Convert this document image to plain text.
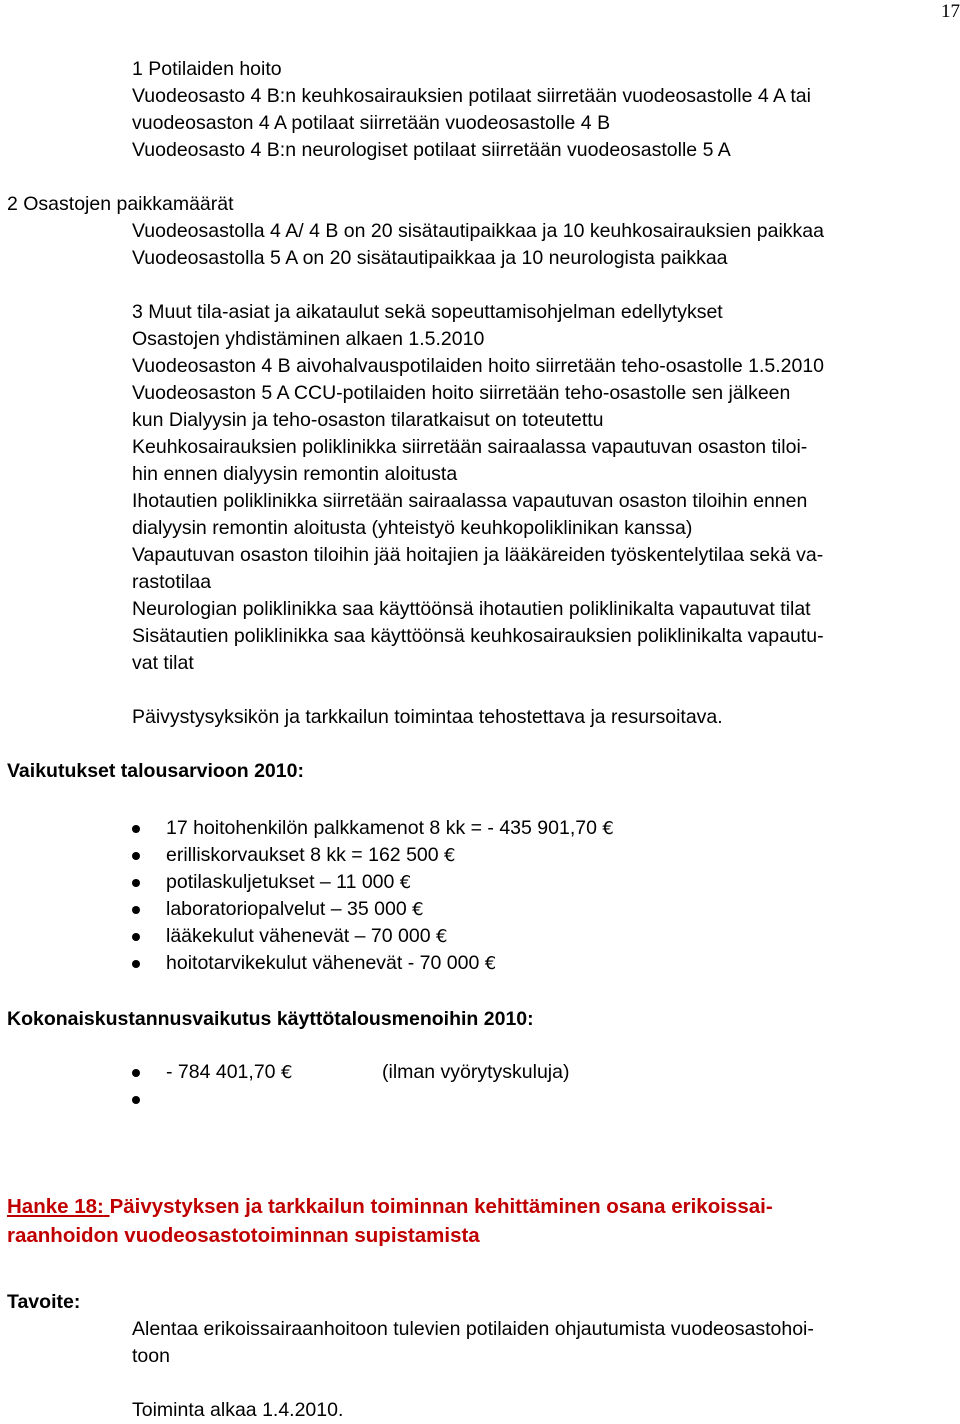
17
1 Potilaiden hoito
Vuodeosasto 4 B:n keuhkosairauksien potilaat siirretään vuodeosastolle 4 A tai
vuodeosaston 4 A potilaat siirretään vuodeosastolle 4 B
Vuodeosasto 4 B:n neurologiset potilaat siirretään vuodeosastolle 5 A
2 Osastojen paikkamäärät
Vuodeosastolla 4 A/ 4 B on 20 sisätautipaikkaa ja 10 keuhkosairauksien paikkaa
Vuodeosastolla 5 A on 20 sisätautipaikkaa ja 10 neurologista paikkaa
3 Muut tila-asiat ja aikataulut sekä sopeuttamisohjelman edellytykset
Osastojen yhdistäminen alkaen 1.5.2010
Vuodeosaston 4 B aivohalvauspotilaiden hoito siirretään teho-osastolle 1.5.2010
Vuodeosaston 5 A CCU-potilaiden hoito siirretään teho-osastolle sen jälkeen
kun Dialyysin ja teho-osaston tilaratkaisut on toteutettu
Keuhkosairauksien poliklinikka siirretään sairaalassa vapautuvan osaston tiloi-
hin ennen dialyysin remontin aloitusta
Ihotautien poliklinikka siirretään sairaalassa vapautuvan osaston tiloihin ennen
dialyysin remontin aloitusta (yhteistyö keuhkopoliklinikan kanssa)
Vapautuvan osaston tiloihin jää hoitajien ja lääkäreiden työskentelytilaa sekä va-
rastotilaa
Neurologian poliklinikka saa käyttöönsä ihotautien poliklinikalta vapautuvat tilat
Sisätautien poliklinikka saa käyttöönsä keuhkosairauksien poliklinikalta vapautu-
vat tilat
Päivystysyksikön ja tarkkailun toimintaa tehostettava ja resursoitava.
Vaikutukset talousarvioon 2010:
17 hoitohenkilön palkkamenot 8 kk = - 435 901,70 €
erilliskorvaukset 8 kk = 162 500 €
potilaskuljetukset – 11 000 €
laboratoriopalvelut – 35 000 €
lääkekulut vähenevät – 70 000 €
hoitotarvikekulut vähenevät - 70 000 €
Kokonaiskustannusvaikutus käyttötalousmenoihin 2010:
- 784 401,70 €	(ilman vyörytyskuluja)
Hanke 18: Päivystyksen ja tarkkailun toiminnan kehittäminen osana erikoissai-
raanhoidon vuodeosastotoiminnan supistamista
Tavoite:
Alentaa erikoissairaanhoitoon tulevien potilaiden ohjautumista vuodeosastohoi-
toon
Toiminta alkaa 1.4.2010.
